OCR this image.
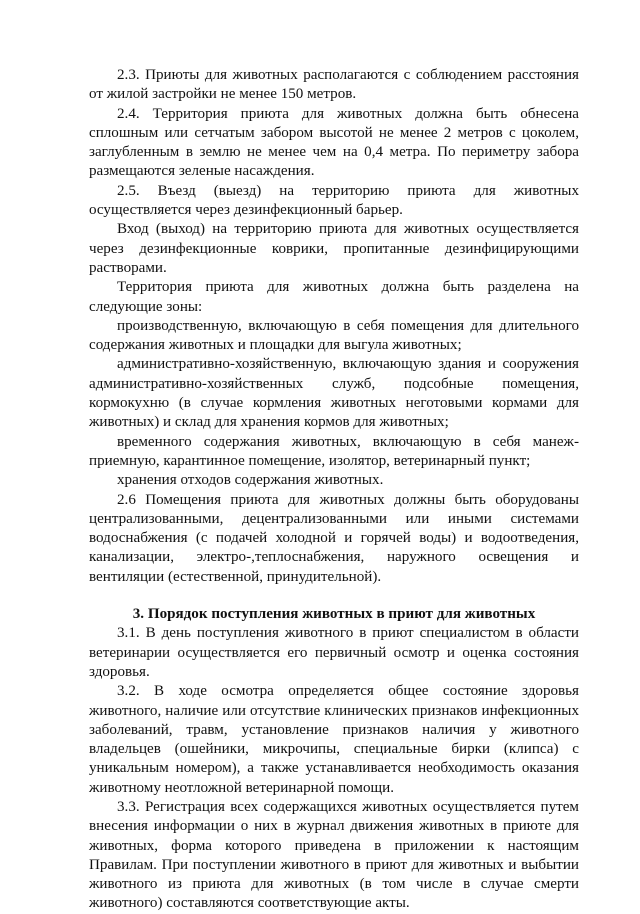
2.3. Приюты для животных располагаются с соблюдением расстояния от жилой застройки не менее 150 метров.

2.4. Территория приюта для животных должна быть обнесена сплошным или сетчатым забором высотой не менее 2 метров с цоколем, заглубленным в землю не менее чем на 0,4 метра. По периметру забора размещаются зеленые насаждения.

2.5. Въезд (выезд) на территорию приюта для животных осуществляется через дезинфекционный барьер.

Вход (выход) на территорию приюта для животных осуществляется через дезинфекционные коврики, пропитанные дезинфицирующими растворами.

Территория приюта для животных должна быть разделена на следующие зоны:

производственную, включающую в себя помещения для длительного содержания животных и площадки для выгула животных;

административно-хозяйственную, включающую здания и сооружения административно-хозяйственных служб, подсобные помещения, кормокухню (в случае кормления животных неготовыми кормами для животных) и склад для хранения кормов для животных;

временного содержания животных, включающую в себя манеж-приемную, карантинное помещение, изолятор, ветеринарный пункт;

хранения отходов содержания животных.

2.6 Помещения приюта для животных должны быть оборудованы централизованными, децентрализованными или иными системами водоснабжения (с подачей холодной и горячей воды) и водоотведения, канализации, электро-,теплоснабжения, наружного освещения и вентиляции (естественной, принудительной).

3. Порядок поступления животных в приют для животных

3.1. В день поступления животного в приют специалистом в области ветеринарии осуществляется его первичный осмотр и оценка состояния здоровья.

3.2. В ходе осмотра определяется общее состояние здоровья животного, наличие или отсутствие клинических признаков инфекционных заболеваний, травм, установление признаков наличия у животного владельцев (ошейники, микрочипы, специальные бирки (клипса) с уникальным номером), а также устанавливается необходимость оказания животному неотложной ветеринарной помощи.

3.3. Регистрация всех содержащихся животных осуществляется путем внесения информации о них в журнал движения животных в приюте для животных, форма которого приведена в приложении к настоящим Правилам. При поступлении животного в приют для животных и выбытии животного из приюта для животных (в том числе в случае смерти животного) составляются соответствующие акты.
